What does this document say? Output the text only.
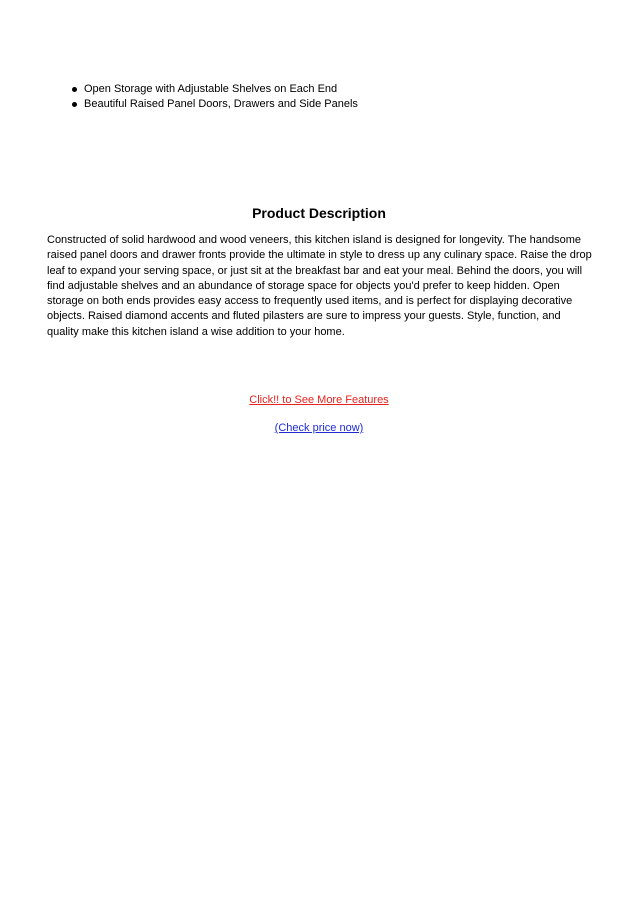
Open Storage with Adjustable Shelves on Each End
Beautiful Raised Panel Doors, Drawers and Side Panels
Product Description

Constructed of solid hardwood and wood veneers, this kitchen island is designed for longevity. The handsome raised panel doors and drawer fronts provide the ultimate in style to dress up any culinary space. Raise the drop leaf to expand your serving space, or just sit at the breakfast bar and eat your meal. Behind the doors, you will find adjustable shelves and an abundance of storage space for objects you'd prefer to keep hidden. Open storage on both ends provides easy access to frequently used items, and is perfect for displaying decorative objects. Raised diamond accents and fluted pilasters are sure to impress your guests. Style, function, and quality make this kitchen island a wise addition to your home.

Click!! to See More Features
(Check price now)
